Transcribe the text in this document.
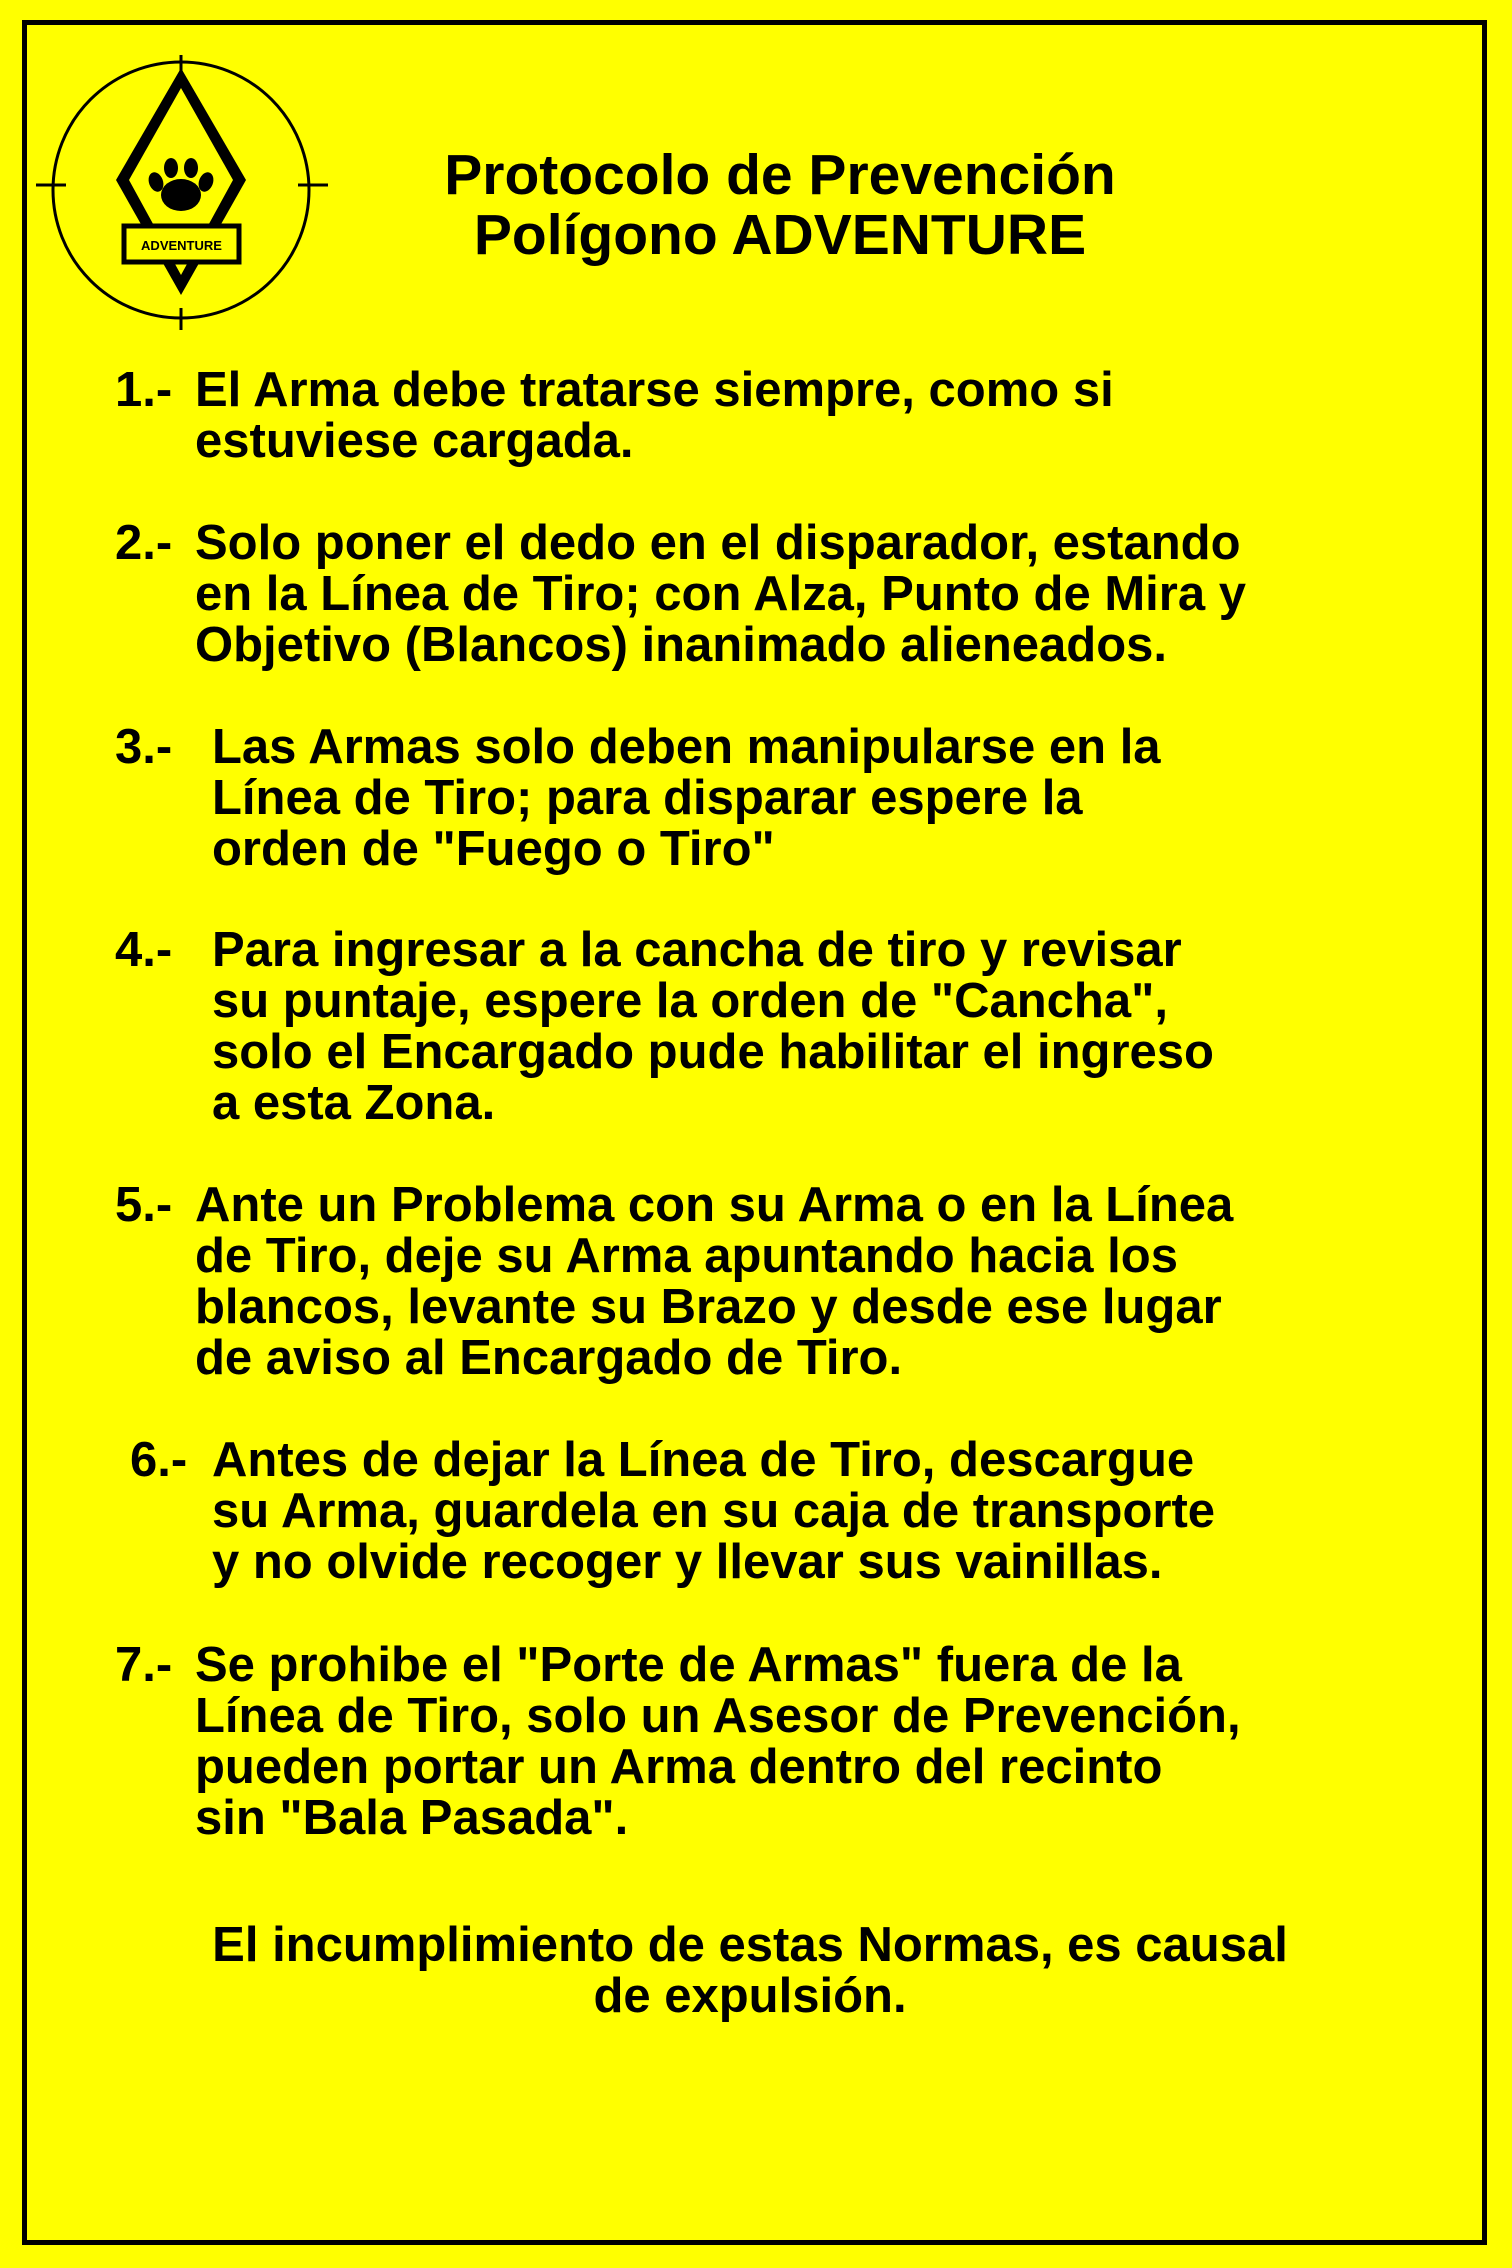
ADVENTURE
Protocolo de Prevención
Polígono ADVENTURE
1.- El Arma debe tratarse siempre, como si
estuviese cargada.
2.- Solo poner el dedo en el disparador, estando
en la Línea de Tiro; con Alza, Punto de Mira y
Objetivo (Blancos) inanimado alieneados.
3.- Las Armas solo deben manipularse en la
Línea de Tiro; para disparar espere la
orden de "Fuego o Tiro"
4.- Para ingresar a la cancha de tiro y revisar
su puntaje, espere la orden de "Cancha",
solo el Encargado pude habilitar el ingreso
a esta Zona.
5.- Ante un Problema con su Arma o en la Línea
de Tiro, deje su Arma apuntando hacia los
blancos, levante su Brazo y desde ese lugar
de aviso al Encargado de Tiro.
6.- Antes de dejar la Línea de Tiro, descargue
su Arma, guardela en su caja de transporte
y no olvide recoger y llevar sus vainillas.
7.- Se prohibe el "Porte de Armas" fuera de la
Línea de Tiro, solo un Asesor de Prevención,
pueden portar un Arma dentro del recinto
sin "Bala Pasada".
El incumplimiento de estas Normas, es causal
de expulsión.
